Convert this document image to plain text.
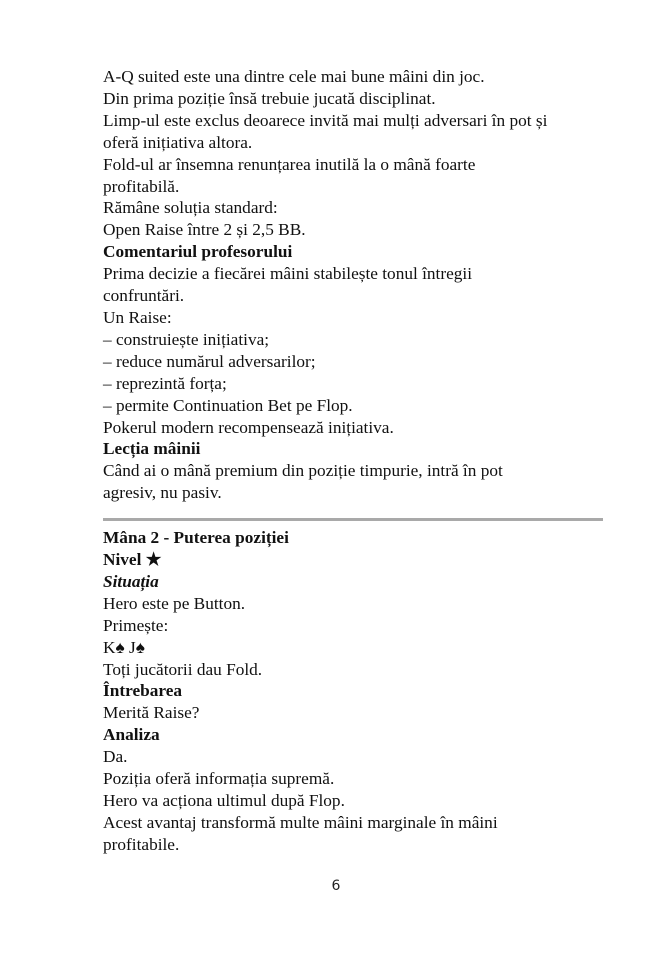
A-Q suited este una dintre cele mai bune mâini din joc.
Din prima poziție însă trebuie jucată disciplinat.
Limp-ul este exclus deoarece invită mai mulți adversari în pot și
oferă inițiativa altora.
Fold-ul ar însemna renunțarea inutilă la o mână foarte
profitabilă.
Rămâne soluția standard:
Open Raise între 2 și 2,5 BB.
Comentariul profesorului
Prima decizie a fiecărei mâini stabilește tonul întregii
confruntări.
Un Raise:
– construiește inițiativa;
– reduce numărul adversarilor;
– reprezintă forța;
– permite Continuation Bet pe Flop.
Pokerul modern recompensează inițiativa.
Lecția mâinii
Când ai o mână premium din poziție timpurie, intră în pot
agresiv, nu pasiv.
Mâna 2 - Puterea poziției
Nivel ★
Situația
Hero este pe Button.
Primește:
K♠ J♠
Toți jucătorii dau Fold.
Întrebarea
Merită Raise?
Analiza
Da.
Poziția oferă informația supremă.
Hero va acționa ultimul după Flop.
Acest avantaj transformă multe mâini marginale în mâini
profitabile.
6
